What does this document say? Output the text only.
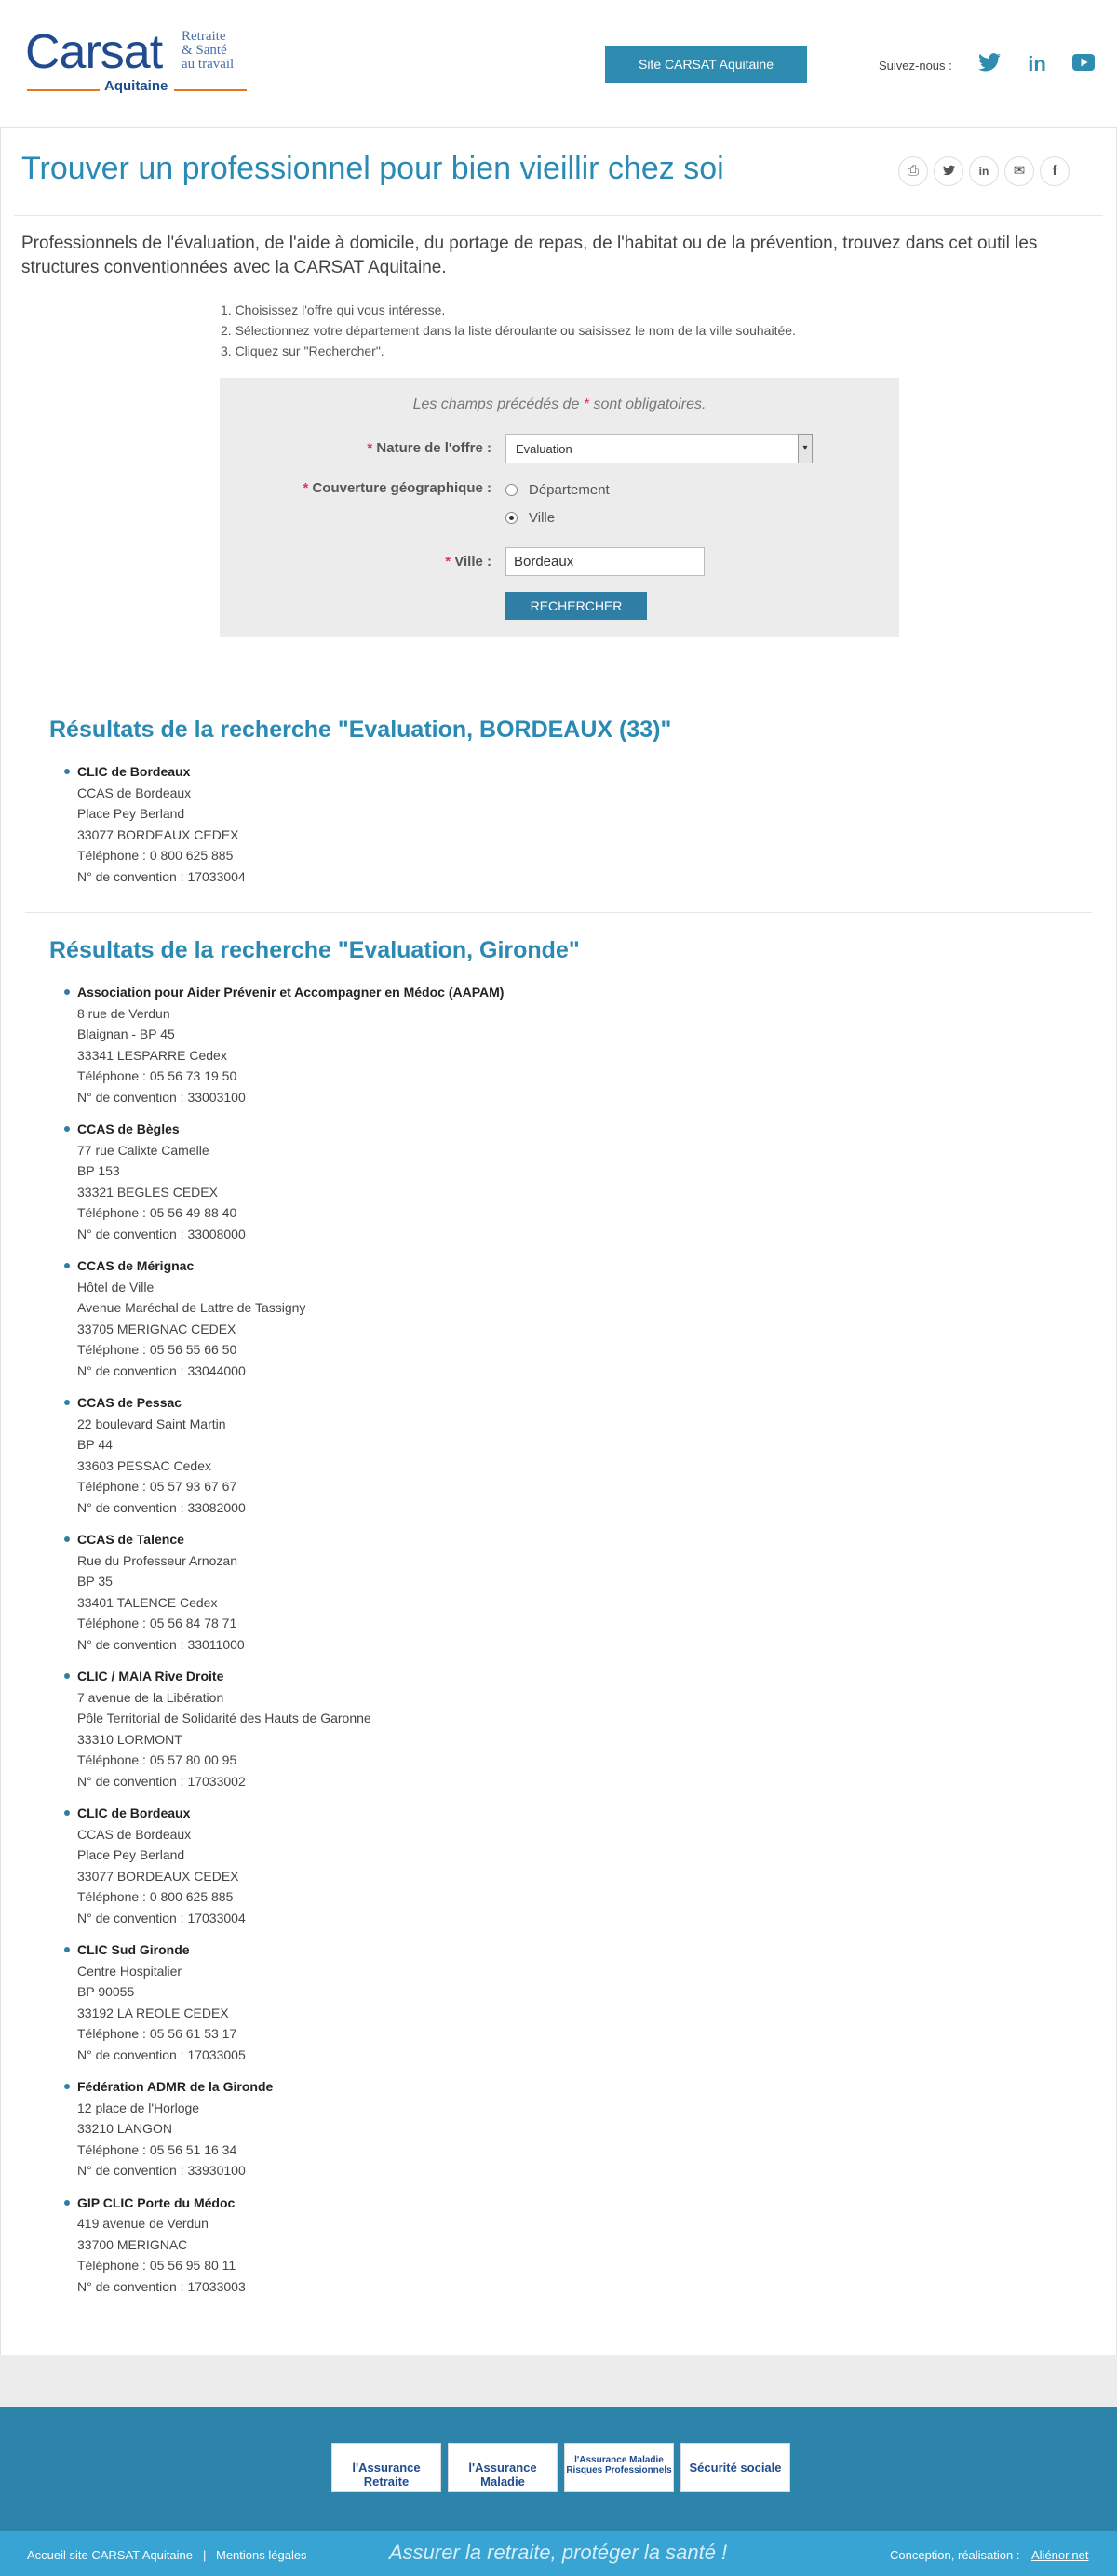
Carsat Retraite
& Santé
au travail
Aquitaine
Site CARSAT Aquitaine	Suivez-nous :	in
Trouver un professionnel pour bien vieillir chez soi	⎙	in	✉	f

Professionnels de l'évaluation, de l'aide à domicile, du portage de repas, de l'habitat ou de la prévention, trouvez dans cet outil les structures conventionnées avec la CARSAT Aquitaine.

1. Choisissez l'offre qui vous intéresse.
2. Sélectionnez votre département dans la liste déroulante ou saisissez le nom de la ville souhaitée.
3. Cliquez sur "Rechercher".
Les champs précédés de * sont obligatoires.
* Nature de l'offre :	Evaluation	▾
* Couverture géographique :	Département
Ville
* Ville :
Bordeaux
RECHERCHER
Résultats de la recherche "Evaluation, BORDEAUX (33)"
CLIC de Bordeaux
CCAS de Bordeaux
Place Pey Berland
33077 BORDEAUX CEDEX
Téléphone : 0 800 625 885
N° de convention : 17033004
Résultats de la recherche "Evaluation, Gironde"
Association pour Aider Prévenir et Accompagner en Médoc (AAPAM)
8 rue de Verdun
Blaignan - BP 45
33341 LESPARRE Cedex
Téléphone : 05 56 73 19 50
N° de convention : 33003100
CCAS de Bègles
77 rue Calixte Camelle
BP 153
33321 BEGLES CEDEX
Téléphone : 05 56 49 88 40
N° de convention : 33008000
CCAS de Mérignac
Hôtel de Ville
Avenue Maréchal de Lattre de Tassigny
33705 MERIGNAC CEDEX
Téléphone : 05 56 55 66 50
N° de convention : 33044000
CCAS de Pessac
22 boulevard Saint Martin
BP 44
33603 PESSAC Cedex
Téléphone : 05 57 93 67 67
N° de convention : 33082000
CCAS de Talence
Rue du Professeur Arnozan
BP 35
33401 TALENCE Cedex
Téléphone : 05 56 84 78 71
N° de convention : 33011000
CLIC / MAIA Rive Droite
7 avenue de la Libération
Pôle Territorial de Solidarité des Hauts de Garonne
33310 LORMONT
Téléphone : 05 57 80 00 95
N° de convention : 17033002
CLIC de Bordeaux
CCAS de Bordeaux
Place Pey Berland
33077 BORDEAUX CEDEX
Téléphone : 0 800 625 885
N° de convention : 17033004
CLIC Sud Gironde
Centre Hospitalier
BP 90055
33192 LA REOLE CEDEX
Téléphone : 05 56 61 53 17
N° de convention : 17033005
Fédération ADMR de la Gironde
12 place de l'Horloge
33210 LANGON
Téléphone : 05 56 51 16 34
N° de convention : 33930100
GIP CLIC Porte du Médoc
419 avenue de Verdun
33700 MERIGNAC
Téléphone : 05 56 95 80 11
N° de convention : 17033003
l'Assurance Retraite
l'Assurance Maladie
l'Assurance Maladie Risques Professionnels	Sécurité sociale
Accueil site CARSAT Aquitaine | Mentions légales	Assurer la retraite, protéger la santé !	Conception, réalisation : Aliénor.net
